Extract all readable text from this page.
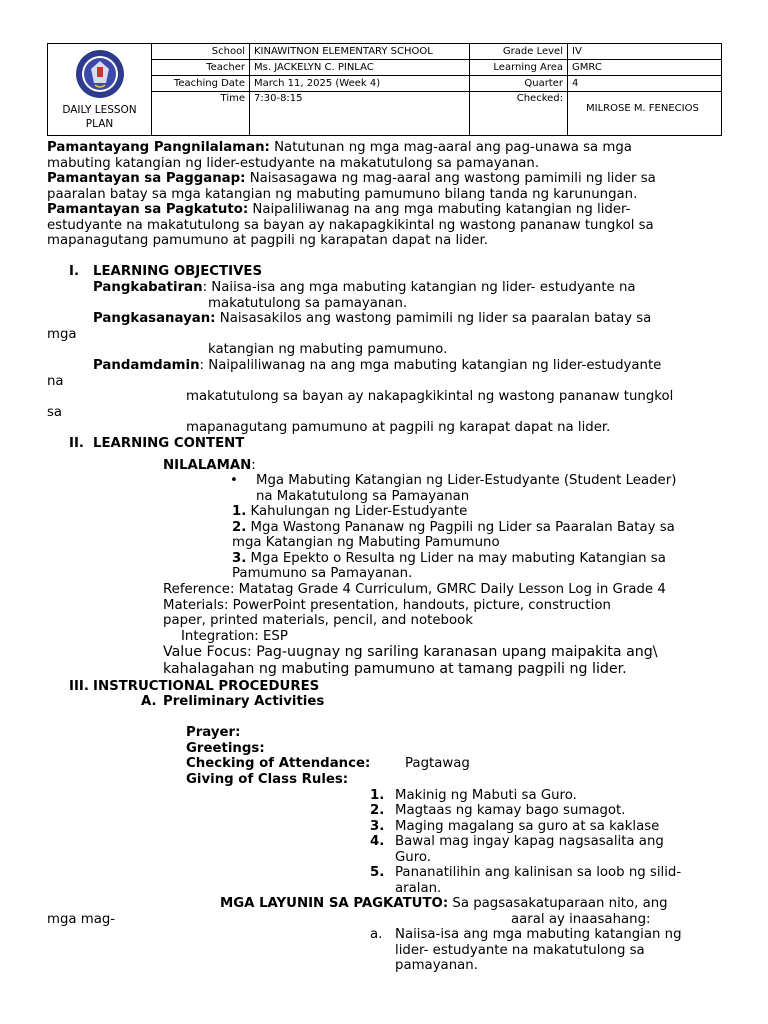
DAILY LESSON
PLAN	School	KINAWITNON ELEMENTARY SCHOOL	Grade Level	IV
	Teacher	Ms. JACKELYN C. PINLAC	Learning Area	GMRC
	Teaching Date	March 11, 2025 (Week 4)	Quarter	4
	Time	7:30-8:15	Checked:	MILROSE M. FENECIOS
Pamantayang Pangnilalaman: Natutunan ng mga mag-aaral ang pag-unawa sa mga
mabuting katangian ng lider-estudyante na makatutulong sa pamayanan.
Pamantayan sa Pagganap: Naisasagawa ng mag-aaral ang wastong pamimili ng lider sa
paaralan batay sa mga katangian ng mabuting pamumuno bilang tanda ng karunungan.
Pamantayan sa Pagkatuto: Naipaliliwanag na ang mga mabuting katangian ng lider-
estudyante na makatutulong sa bayan ay nakapagkikintal ng wastong pananaw tungkol sa
mapanagutang pamumuno at pagpili ng karapatan dapat na lider.
I. LEARNING OBJECTIVES
Pangkabatiran: Naiisa-isa ang mga mabuting katangian ng lider- estudyante na
makatutulong sa pamayanan.
Pangkasanayan: Naisasakilos ang wastong pamimili ng lider sa paaralan batay sa
mga
katangian ng mabuting pamumuno.
Pandamdamin: Naipaliliwanag na ang mga mabuting katangian ng lider-estudyante
na
makatutulong sa bayan ay nakapagkikintal ng wastong pananaw tungkol
sa
mapanagutang pamumuno at pagpili ng karapat dapat na lider.
II. LEARNING CONTENT
NILALAMAN:
• Mga Mabuting Katangian ng Lider-Estudyante (Student Leader)
na Makatutulong sa Pamayanan
1. Kahulungan ng Lider-Estudyante
2. Mga Wastong Pananaw ng Pagpili ng Lider sa Paaralan Batay sa
mga Katangian ng Mabuting Pamumuno
3. Mga Epekto o Resulta ng Lider na may mabuting Katangian sa
Pamumuno sa Pamayanan.
Reference: Matatag Grade 4 Curriculum, GMRC Daily Lesson Log in Grade 4
Materials: PowerPoint presentation, handouts, picture, construction
paper, printed materials, pencil, and notebook
Integration: ESP
Value Focus: Pag-uugnay ng sariling karanasan upang maipakita ang\
kahalagahan ng mabuting pamumuno at tamang pagpili ng lider.
III. INSTRUCTIONAL PROCEDURES
A. Preliminary Activities
Prayer:
Greetings:
Checking of Attendance:	Pagtawag
Giving of Class Rules:
1. Makinig ng Mabuti sa Guro.
2. Magtaas ng kamay bago sumagot.
3. Maging magalang sa guro at sa kaklase
4. Bawal mag ingay kapag nagsasalita ang
Guro.
5. Pananatilihin ang kalinisan sa loob ng silid-
aralan.
MGA LAYUNIN SA PAGKATUTO: Sa pagsasakatuparaan nito, ang
mga mag-	aaral ay inaasahang:
a. Naiisa-isa ang mga mabuting katangian ng
lider- estudyante na makatutulong sa
pamayanan.
